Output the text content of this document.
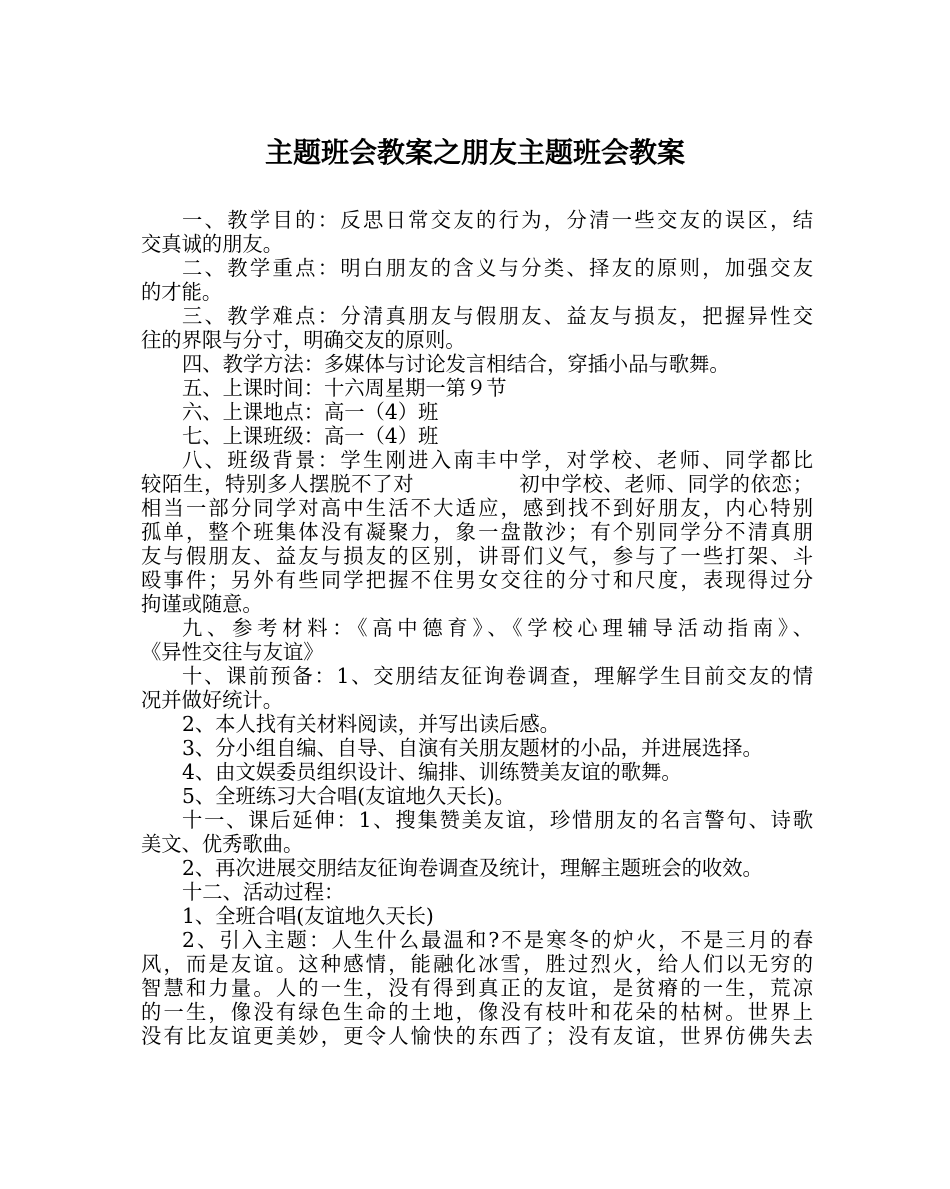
主题班会教案之朋友主题班会教案
一、教学目的：反思日常交友的行为，分清一些交友的误区，结
交真诚的朋友。
二、教学重点：明白朋友的含义与分类、择友的原则，加强交友
的才能。
三、教学难点：分清真朋友与假朋友、益友与损友，把握异性交
往的界限与分寸，明确交友的原则。
四、教学方法：多媒体与讨论发言相结合，穿插小品与歌舞。
五、上课时间：十六周星期一第９节
六、上课地点：高一（4）班
七、上课班级：高一（4）班
八、班级背景：学生刚进入南丰中学，对学校、老师、同学都比
较陌生，特别多人摆脱不了对　　　　　初中学校、老师、同学的依恋；
相当一部分同学对高中生活不大适应，感到找不到好朋友，内心特别
孤单，整个班集体没有凝聚力，象一盘散沙；有个别同学分不清真朋
友与假朋友、益友与损友的区别，讲哥们义气，参与了一些打架、斗
殴事件；另外有些同学把握不住男女交往的分寸和尺度，表现得过分
拘谨或随意。
九、参考材料：《高中德育》、《学校心理辅导活动指南》、
《异性交往与友谊》
十、课前预备：1、交朋结友征询卷调查，理解学生目前交友的情
况并做好统计。
2、本人找有关材料阅读，并写出读后感。
3、分小组自编、自导、自演有关朋友题材的小品，并进展选择。
4、由文娱委员组织设计、编排、训练赞美友谊的歌舞。
5、全班练习大合唱(友谊地久天长)。
十一、课后延伸：1、搜集赞美友谊，珍惜朋友的名言警句、诗歌
美文、优秀歌曲。
2、再次进展交朋结友征询卷调查及统计，理解主题班会的收效。
十二、活动过程：
1、全班合唱(友谊地久天长)
2、引入主题：人生什么最温和?不是寒冬的炉火，不是三月的春
风，而是友谊。这种感情，能融化冰雪，胜过烈火，给人们以无穷的
智慧和力量。人的一生，没有得到真正的友谊，是贫瘠的一生，荒凉
的一生，像没有绿色生命的土地，像没有枝叶和花朵的枯树。世界上
没有比友谊更美妙，更令人愉快的东西了；没有友谊，世界仿佛失去
